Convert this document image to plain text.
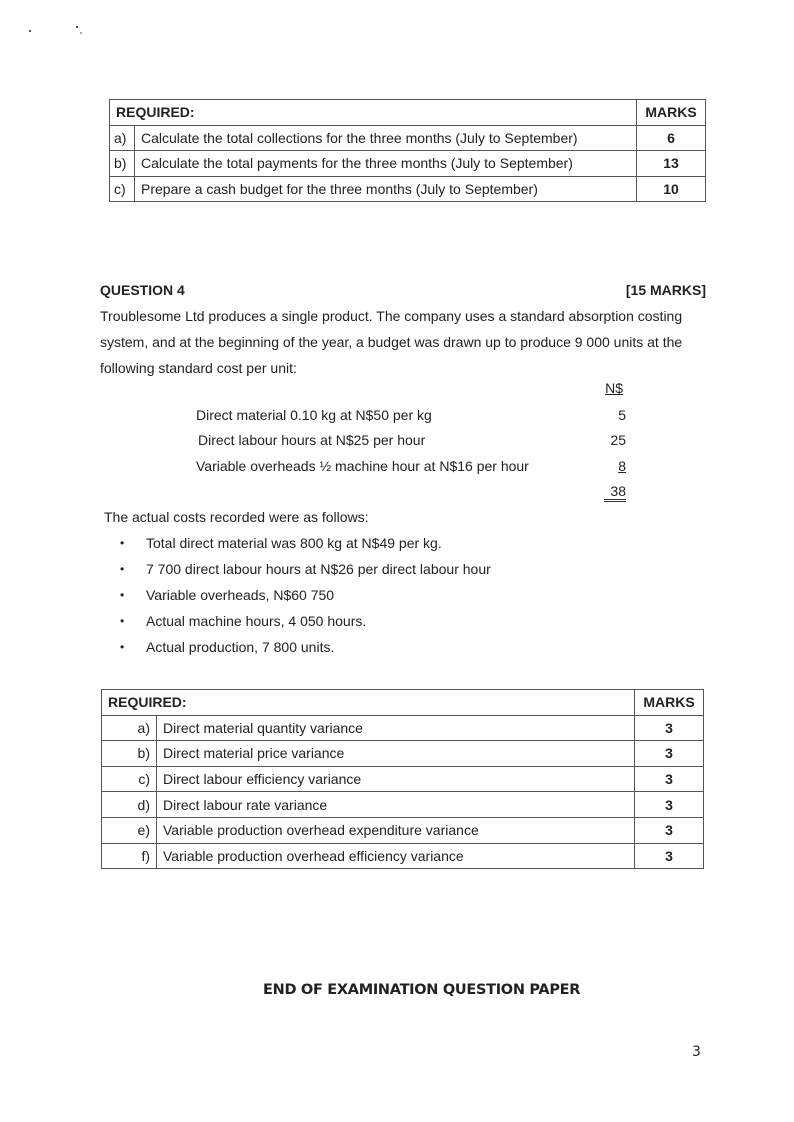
REQUIRED:		MARKS
a)	Calculate the total collections for the three months (July to September)	6
b)	Calculate the total payments for the three months (July to September)	13
c)	Prepare a cash budget for the three months (July to September)	10
QUESTION 4	[15 MARKS]
Troublesome Ltd produces a single product. The company uses a standard absorption costing system, and at the beginning of the year, a budget was drawn up to produce 9 000 units at the following standard cost per unit:
N$
Direct material 0.10 kg at N$50 per kg	5
Direct labour hours at N$25 per hour	25
Variable overheads ½ machine hour at N$16 per hour	8
38
The actual costs recorded were as follows:
• Total direct material was 800 kg at N$49 per kg.
• 7 700 direct labour hours at N$26 per direct labour hour
• Variable overheads, N$60 750
• Actual machine hours, 4 050 hours.
• Actual production, 7 800 units.
REQUIRED:		MARKS
a)	Direct material quantity variance	3
b)	Direct material price variance	3
c)	Direct labour efficiency variance	3
d)	Direct labour rate variance	3
e)	Variable production overhead expenditure variance	3
f)	Variable production overhead efficiency variance	3
END OF EXAMINATION QUESTION PAPER
3
